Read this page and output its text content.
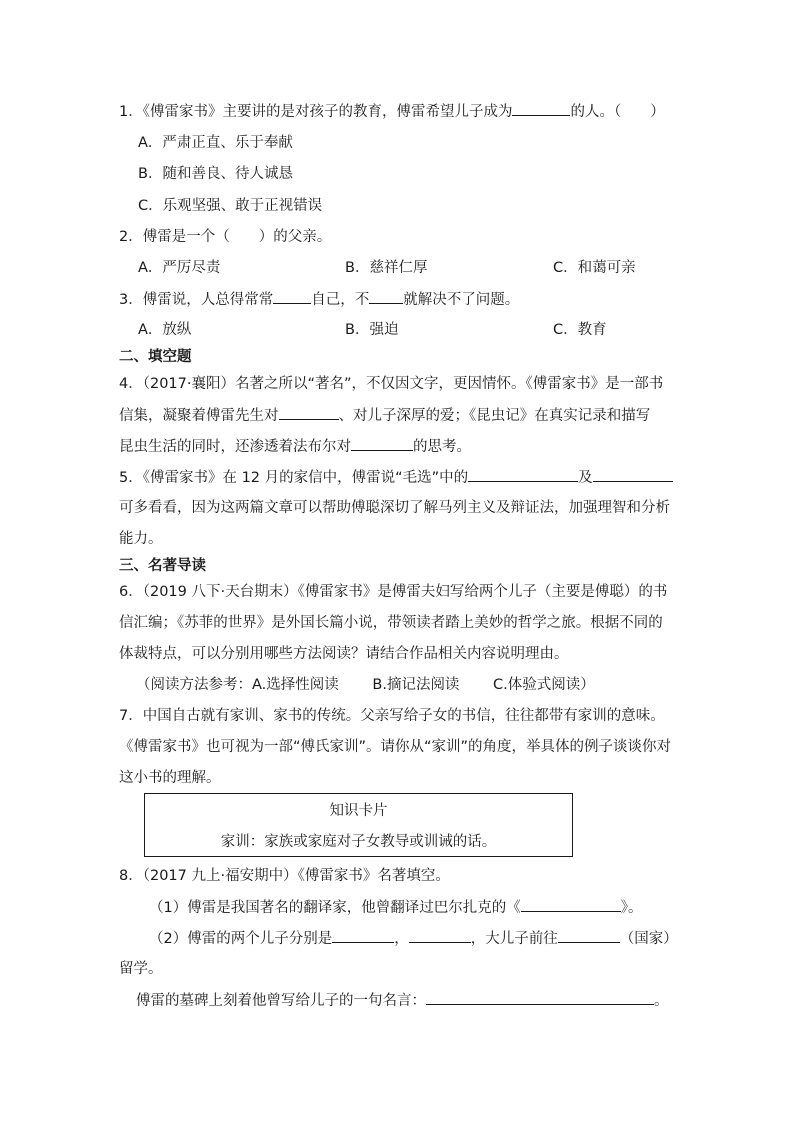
1．《傅雷家书》主要讲的是对孩子的教育，傅雷希望儿子成为	的人。（　　）
A．严肃正直、乐于奉献
B．随和善良、待人诚恳
C．乐观坚强、敢于正视错误
2．傅雷是一个（　　）的父亲。
A．严厉尽责	B．慈祥仁厚	C．和蔼可亲
3．傅雷说，人总得常常	自己，不 就解决不了问题。
A．放纵	B．强迫	C．教育
二、填空题
4．（2017·襄阳）名著之所以“著名”，不仅因文字，更因情怀。《傅雷家书》是一部书
信集，凝聚着傅雷先生对	、对儿子深厚的爱；《昆虫记》在真实记录和描写
昆虫生活的同时，还渗透着法布尔对	的思考。
5．《傅雷家书》在 12 月的家信中，傅雷说“毛选”中的	及
可多看看，因为这两篇文章可以帮助傅聪深切了解马列主义及辩证法，加强理智和分析
能力。
三、名著导读
6．（2019 八下·天台期末）《傅雷家书》是傅雷夫妇写给两个儿子（主要是傅聪）的书
信汇编；《苏菲的世界》是外国长篇小说，带领读者踏上美妙的哲学之旅。根据不同的
体裁特点，可以分别用哪些方法阅读？请结合作品相关内容说明理由。
（阅读方法参考：A.选择性阅读　　 B.摘记法阅读　　 C.体验式阅读）
7．中国自古就有家训、家书的传统。父亲写给子女的书信，往往都带有家训的意味。
《傅雷家书》也可视为一部“傅氏家训”。请你从“家训”的角度，举具体的例子谈谈你对
这小书的理解。
知识卡片
家训：家族或家庭对子女教导或训诫的话。
8．（2017 九上·福安期中）《傅雷家书》名著填空。
（1）傅雷是我国著名的翻译家，他曾翻译过巴尔扎克的《	》。
（2）傅雷的两个儿子分别是	，	，大儿子前往	（国家）
留学。
傅雷的墓碑上刻着他曾写给儿子的一句名言：	。
